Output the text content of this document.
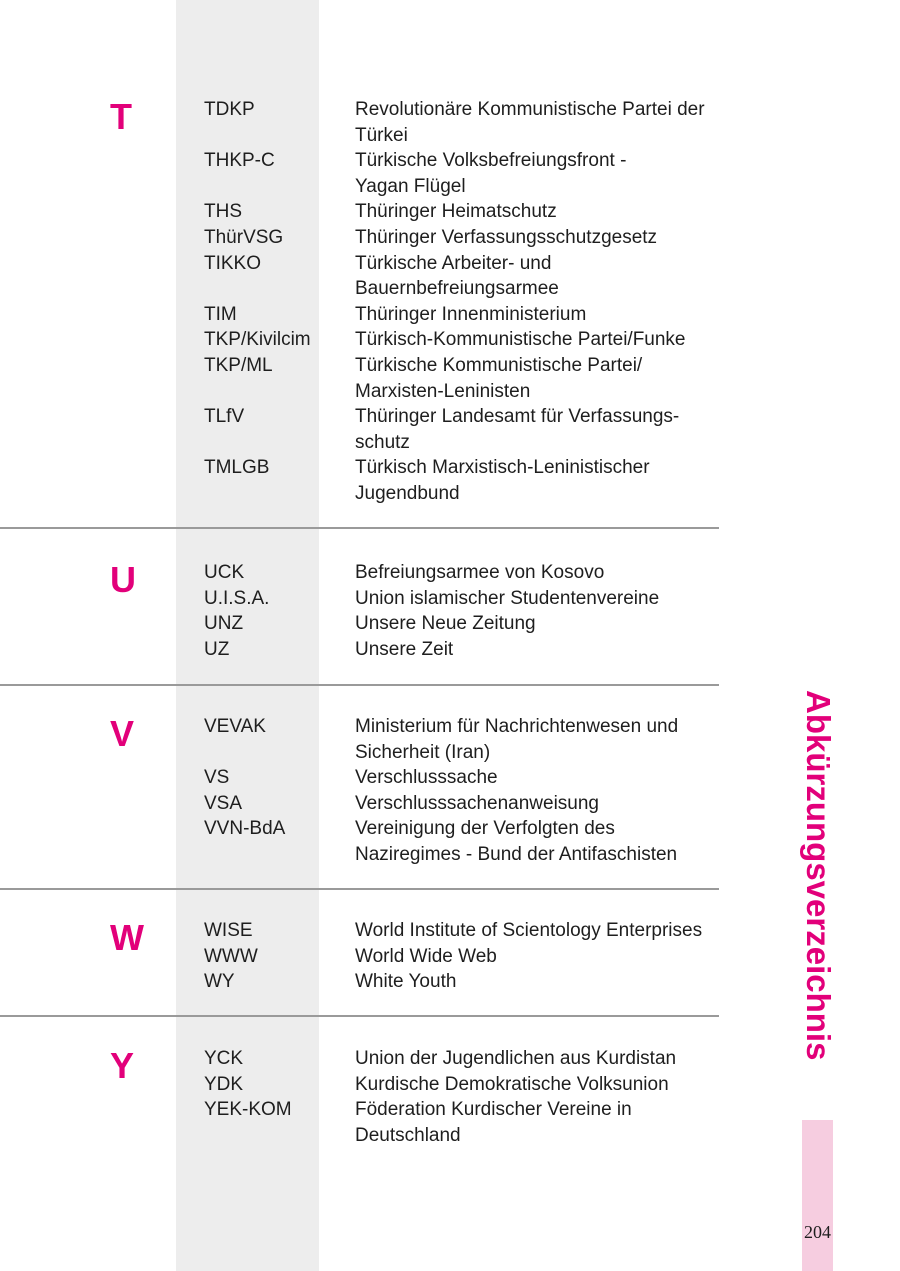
T	TDKP	Revolutionäre Kommunistische Partei der
Türkei
THKP-C	Türkische Volksbefreiungsfront -
Yagan Flügel
THS	Thüringer Heimatschutz
ThürVSG	Thüringer Verfassungsschutzgesetz
TIKKO	Türkische Arbeiter- und
Bauernbefreiungsarmee
TIM	Thüringer Innenministerium
TKP/Kivilcim	Türkisch-Kommunistische Partei/Funke
TKP/ML	Türkische Kommunistische Partei/
Marxisten-Leninisten
TLfV	Thüringer Landesamt für Verfassungs-
schutz
TMLGB	Türkisch Marxistisch-Leninistischer
Jugendbund
U	UCK	Befreiungsarmee von Kosovo
U.I.S.A.	Union islamischer Studentenvereine
UNZ	Unsere Neue Zeitung
UZ	Unsere Zeit
V	VEVAK	Ministerium für Nachrichtenwesen und
Sicherheit (Iran)
VS	Verschlusssache
VSA	Verschlusssachenanweisung
VVN-BdA	Vereinigung der Verfolgten des
Naziregimes - Bund der Antifaschisten
W	WISE	World Institute of Scientology Enterprises
WWW	World Wide Web
WY	White Youth
Y	YCK	Union der Jugendlichen aus Kurdistan
YDK	Kurdische Demokratische Volksunion
YEK-KOM	Föderation Kurdischer Vereine in
Deutschland
Abkürzungsverzeichnis
204
